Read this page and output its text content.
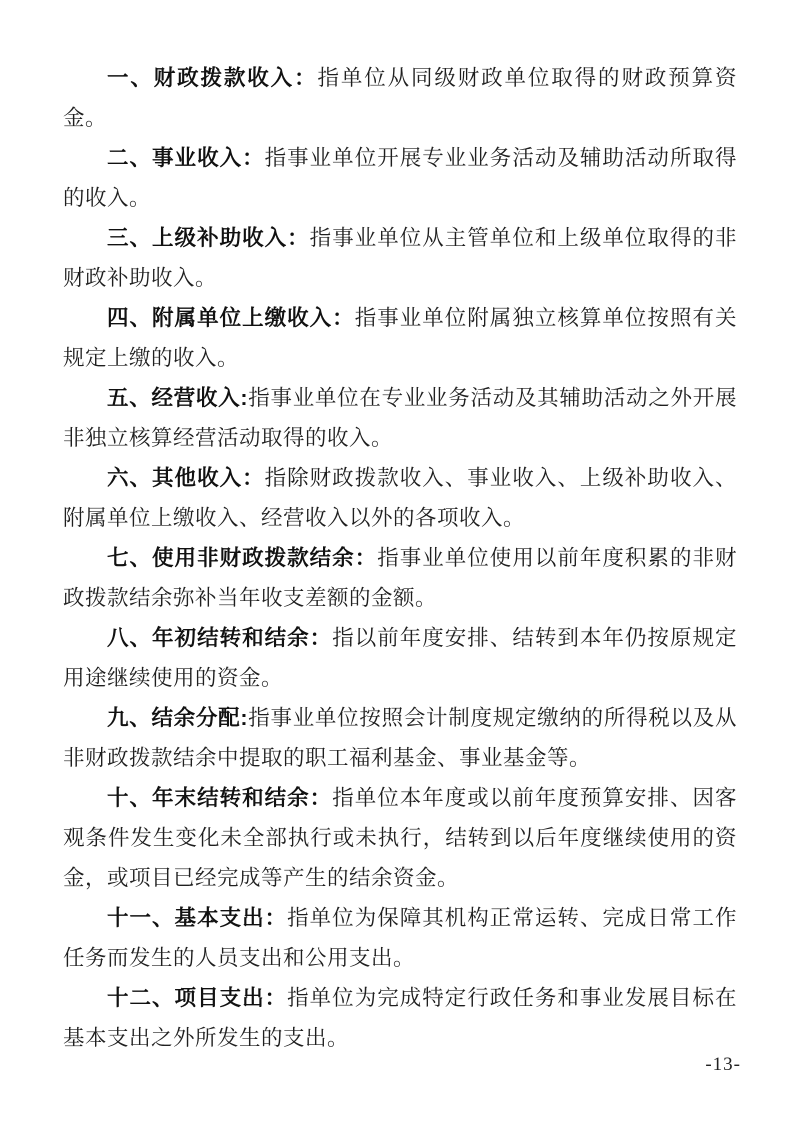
一、财政拨款收入：指单位从同级财政单位取得的财政预算资金。

二、事业收入：指事业单位开展专业业务活动及辅助活动所取得的收入。

三、上级补助收入：指事业单位从主管单位和上级单位取得的非财政补助收入。

四、附属单位上缴收入：指事业单位附属独立核算单位按照有关规定上缴的收入。

五、经营收入:指事业单位在专业业务活动及其辅助活动之外开展非独立核算经营活动取得的收入。

六、其他收入：指除财政拨款收入、事业收入、上级补助收入、附属单位上缴收入、经营收入以外的各项收入。

七、使用非财政拨款结余：指事业单位使用以前年度积累的非财政拨款结余弥补当年收支差额的金额。

八、年初结转和结余：指以前年度安排、结转到本年仍按原规定用途继续使用的资金。

九、结余分配:指事业单位按照会计制度规定缴纳的所得税以及从非财政拨款结余中提取的职工福利基金、事业基金等。

十、年末结转和结余：指单位本年度或以前年度预算安排、因客观条件发生变化未全部执行或未执行，结转到以后年度继续使用的资金，或项目已经完成等产生的结余资金。

十一、基本支出：指单位为保障其机构正常运转、完成日常工作任务而发生的人员支出和公用支出。

十二、项目支出：指单位为完成特定行政任务和事业发展目标在基本支出之外所发生的支出。

-13-
